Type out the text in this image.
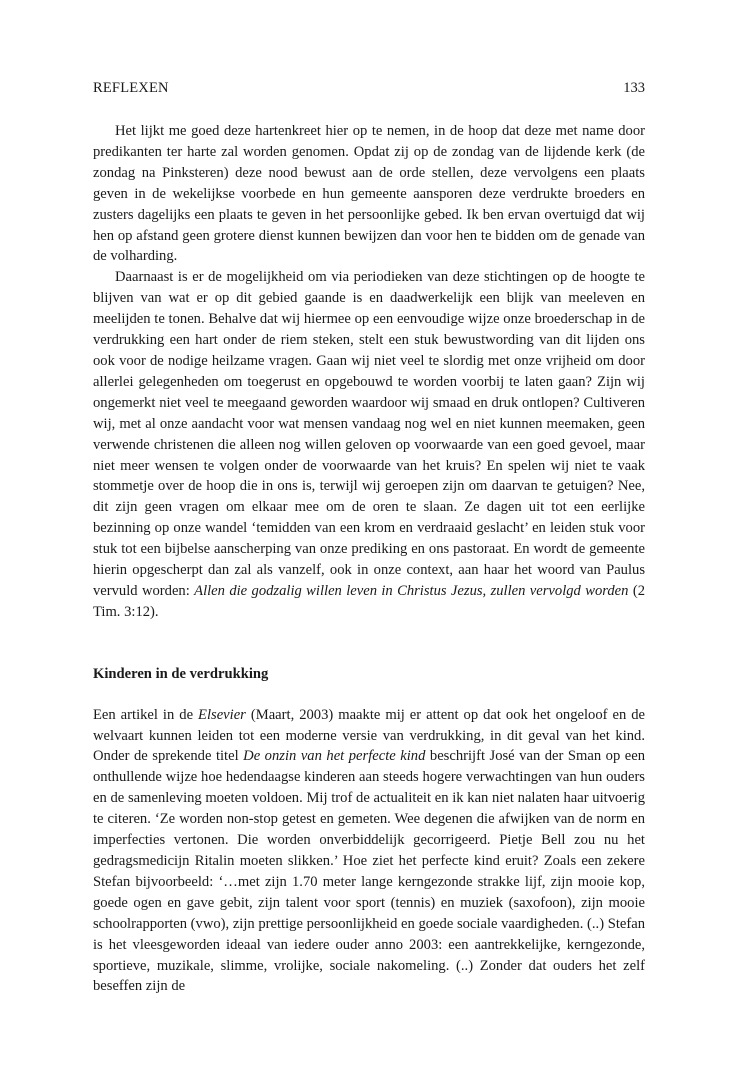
REFLEXEN	133

Het lijkt me goed deze hartenkreet hier op te nemen, in de hoop dat deze met name door predikanten ter harte zal worden genomen. Opdat zij op de zondag van de lijdende kerk (de zondag na Pinksteren) deze nood bewust aan de orde stellen, deze vervolgens een plaats geven in de wekelijkse voorbede en hun gemeente aansporen deze verdrukte broeders en zusters dagelijks een plaats te geven in het persoonlijke gebed. Ik ben ervan overtuigd dat wij hen op afstand geen grotere dienst kunnen bewijzen dan voor hen te bidden om de genade van de volharding.

Daarnaast is er de mogelijkheid om via periodieken van deze stichtingen op de hoogte te blijven van wat er op dit gebied gaande is en daadwerkelijk een blijk van meeleven en meelijden te tonen. Behalve dat wij hiermee op een eenvoudige wijze onze broederschap in de verdrukking een hart onder de riem steken, stelt een stuk bewustwording van dit lijden ons ook voor de nodige heilzame vragen. Gaan wij niet veel te slordig met onze vrijheid om door allerlei gelegenheden om toegerust en opgebouwd te worden voorbij te laten gaan? Zijn wij ongemerkt niet veel te meegaand geworden waardoor wij smaad en druk ontlopen? Cultiveren wij, met al onze aandacht voor wat mensen vandaag nog wel en niet kunnen meemaken, geen verwende christenen die alleen nog willen geloven op voorwaarde van een goed gevoel, maar niet meer wensen te volgen onder de voorwaarde van het kruis? En spelen wij niet te vaak stommetje over de hoop die in ons is, terwijl wij geroepen zijn om daarvan te getuigen? Nee, dit zijn geen vragen om elkaar mee om de oren te slaan. Ze dagen uit tot een eerlijke bezinning op onze wandel ‘temidden van een krom en verdraaid geslacht’ en leiden stuk voor stuk tot een bijbelse aanscherping van onze prediking en ons pastoraat. En wordt de gemeente hierin opgescherpt dan zal als vanzelf, ook in onze context, aan haar het woord van Paulus vervuld worden: Allen die godzalig willen leven in Christus Jezus, zullen vervolgd worden (2 Tim. 3:12).

Kinderen in de verdrukking

Een artikel in de Elsevier (Maart, 2003) maakte mij er attent op dat ook het ongeloof en de welvaart kunnen leiden tot een moderne versie van verdrukking, in dit geval van het kind. Onder de sprekende titel De onzin van het perfecte kind beschrijft José van der Sman op een onthullende wijze hoe hedendaagse kinderen aan steeds hogere verwachtingen van hun ouders en de samenleving moeten voldoen. Mij trof de actualiteit en ik kan niet nalaten haar uitvoerig te citeren. ‘Ze worden non-stop getest en gemeten. Wee degenen die afwijken van de norm en imperfecties vertonen. Die worden onverbiddelijk gecorrigeerd. Pietje Bell zou nu het gedragsmedicijn Ritalin moeten slikken.’ Hoe ziet het perfecte kind eruit? Zoals een zekere Stefan bijvoorbeeld: ‘…met zijn 1.70 meter lange kerngezonde strakke lijf, zijn mooie kop, goede ogen en gave gebit, zijn talent voor sport (tennis) en muziek (saxofoon), zijn mooie schoolrapporten (vwo), zijn prettige persoonlijkheid en goede sociale vaardigheden. (..) Stefan is het vleesgeworden ideaal van iedere ouder anno 2003: een aantrekkelijke, kerngezonde, sportieve, muzikale, slimme, vrolijke, sociale nakomeling. (..) Zonder dat ouders het zelf beseffen zijn de
